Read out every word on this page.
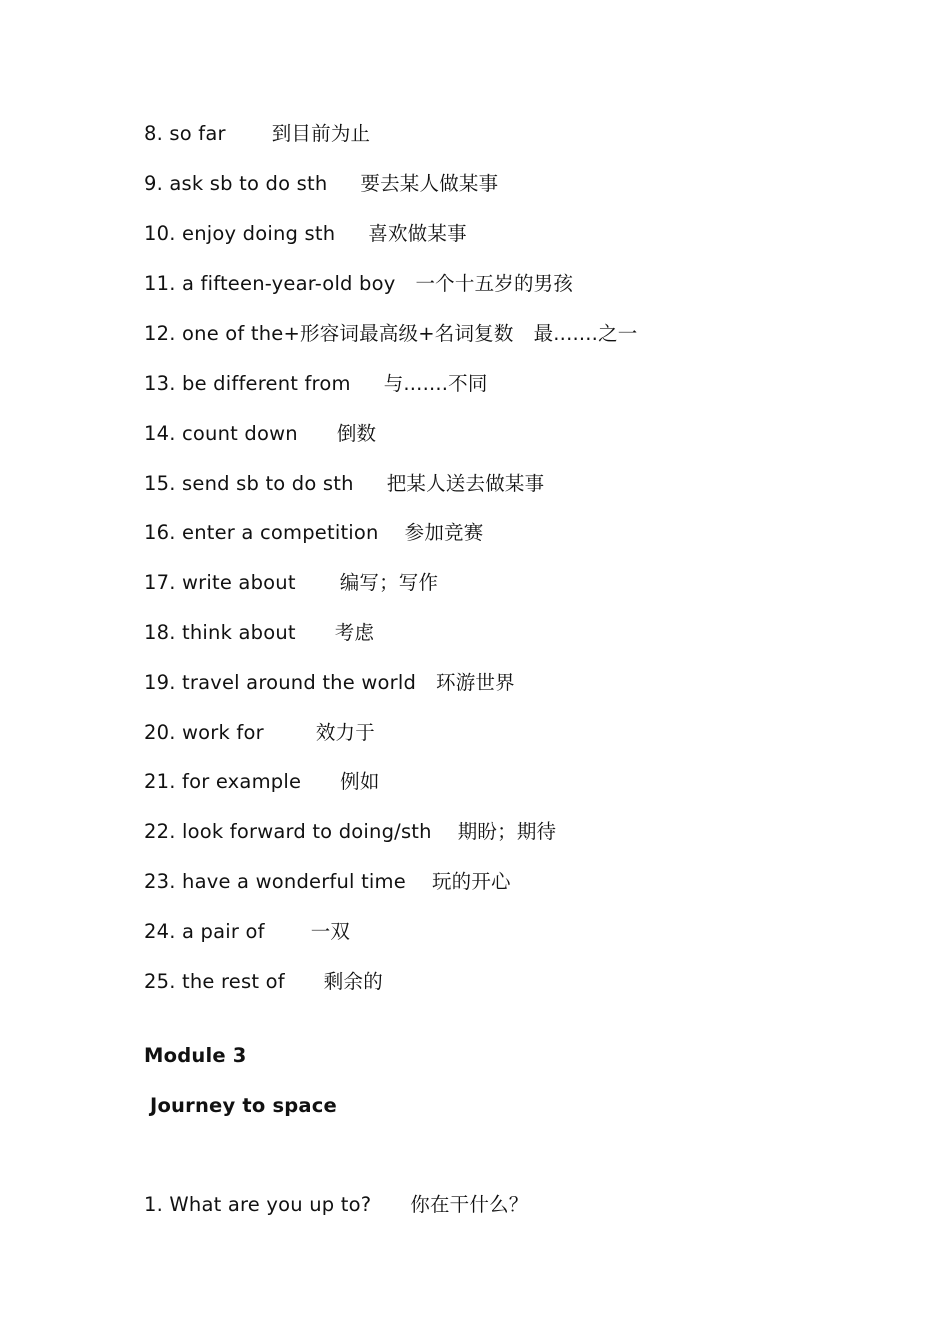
8. so far 到目前为止
9. ask sb to do sth 要去某人做某事
10. enjoy doing sth 喜欢做某事
11. a fifteen-year-old boy 一个十五岁的男孩
12. one of the+形容词最高级+名词复数 最.......之一
13. be different from 与.......不同
14. count down 倒数
15. send sb to do sth 把某人送去做某事
16. enter a competition 参加竞赛
17. write about 编写；写作
18. think about 考虑
19. travel around the world 环游世界
20. work for	效力于
21. for example 例如
22. look forward to doing/sth 期盼；期待
23. have a wonderful time 玩的开心
24. a pair of 一双
25. the rest of 剩余的
Module 3
Journey to space
1. What are you up to? 你在干什么？
